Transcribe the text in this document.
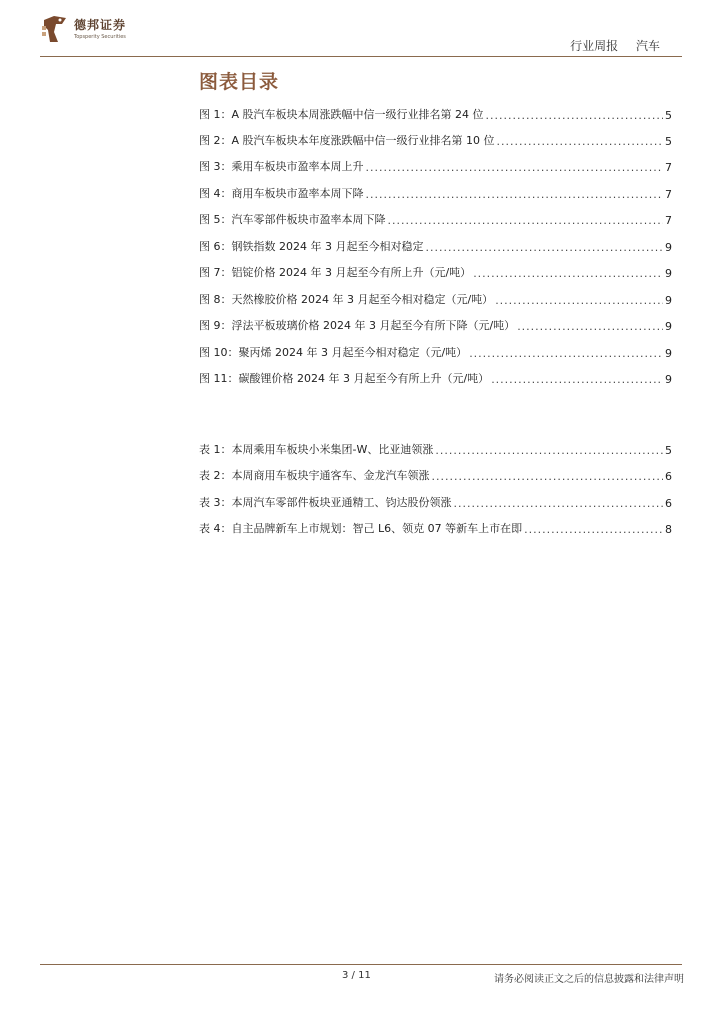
德邦证券
Topsperity Securities
行业周报 汽车
图表目录
图 1：A 股汽车板块本周涨跌幅中信一级行业排名第 24 位 .....	5
图 2：A 股汽车板块本年度涨跌幅中信一级行业排名第 10 位 .....	5
图 3：乘用车板块市盈率本周上升 .....	7
图 4：商用车板块市盈率本周下降 .....	7
图 5：汽车零部件板块市盈率本周下降 .....	7
图 6：钢铁指数 2024 年 3 月起至今相对稳定 .....	9
图 7：铝锭价格 2024 年 3 月起至今有所上升（元/吨） .....	9
图 8：天然橡胶价格 2024 年 3 月起至今相对稳定（元/吨） .....	9
图 9：浮法平板玻璃价格 2024 年 3 月起至今有所下降（元/吨） .....	9
图 10：聚丙烯 2024 年 3 月起至今相对稳定（元/吨） .....	9
图 11：碳酸锂价格 2024 年 3 月起至今有所上升（元/吨） .....	9
表 1：本周乘用车板块小米集团-W、比亚迪领涨 .....	5
表 2：本周商用车板块宇通客车、金龙汽车领涨 .....	6
表 3：本周汽车零部件板块亚通精工、钧达股份领涨 .....	6
表 4：自主品牌新车上市规划：智己 L6、领克 07 等新车上市在即 .....	8
3 / 11	请务必阅读正文之后的信息披露和法律声明
